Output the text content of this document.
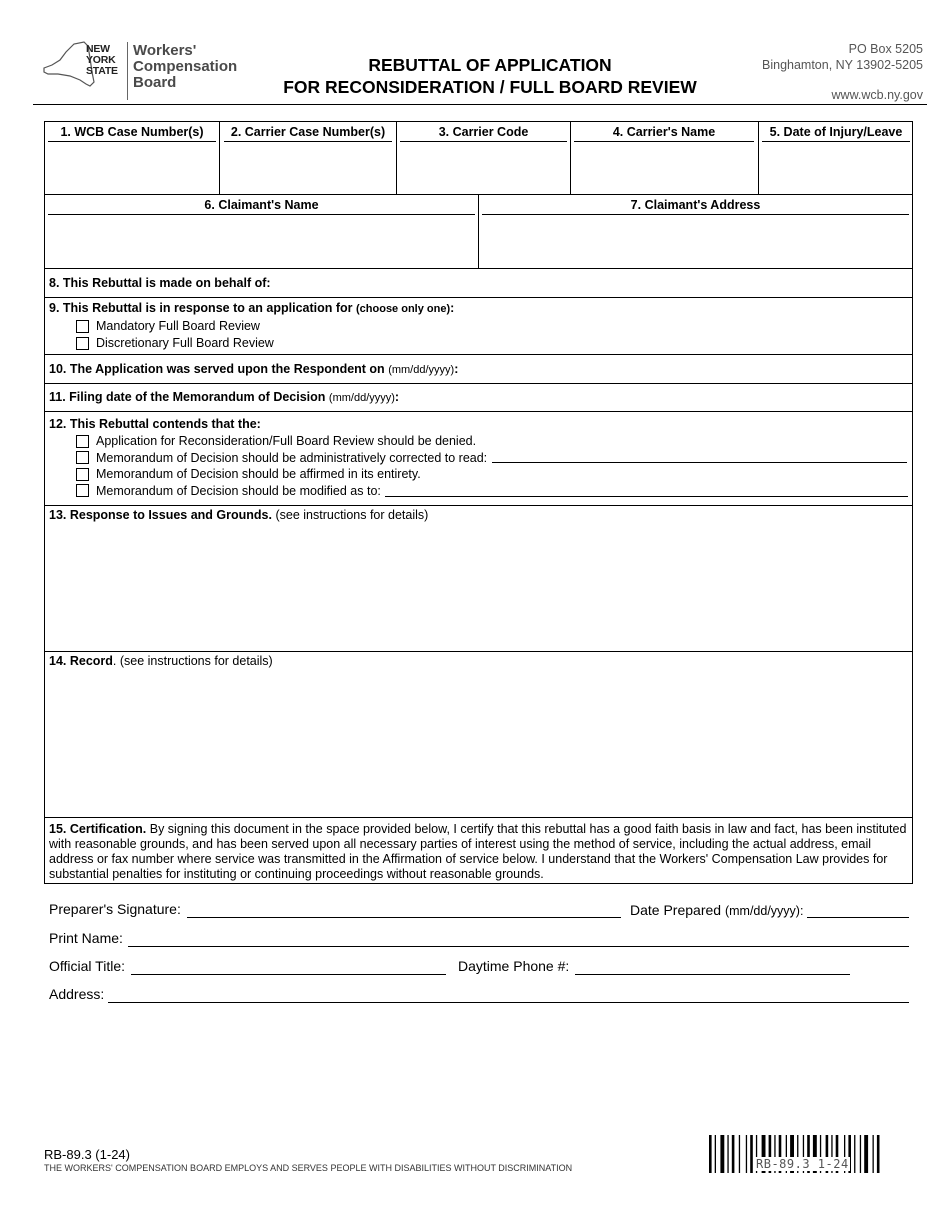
NEW
YORK
STATE
Workers'
Compensation
Board
REBUTTAL OF APPLICATION
FOR RECONSIDERATION / FULL BOARD REVIEW
PO Box 5205
Binghamton, NY 13902-5205
www.wcb.ny.gov
1. WCB Case Number(s)	2. Carrier Case Number(s)	3. Carrier Code	4. Carrier's Name	5. Date of Injury/Leave
6. Claimant's Name	7. Claimant's Address
8. This Rebuttal is made on behalf of:
9. This Rebuttal is in response to an application for (choose only one):
Mandatory Full Board Review
Discretionary Full Board Review
10. The Application was served upon the Respondent on (mm/dd/yyyy):
11. Filing date of the Memorandum of Decision (mm/dd/yyyy):
12. This Rebuttal contends that the:
Application for Reconsideration/Full Board Review should be denied.
Memorandum of Decision should be administratively corrected to read:
Memorandum of Decision should be affirmed in its entirety.
Memorandum of Decision should be modified as to:
13. Response to Issues and Grounds. (see instructions for details)
14. Record. (see instructions for details)
15. Certification. By signing this document in the space provided below, I certify that this rebuttal has a good faith basis in law and fact, has been instituted with reasonable grounds, and has been served upon all necessary parties of interest using the method of service, including the actual address, email address or fax number where service was transmitted in the Affirmation of service below. I understand that the Workers' Compensation Law provides for substantial penalties for instituting or continuing proceedings without reasonable grounds.
Preparer's Signature:	Date Prepared (mm/dd/yyyy):
Print Name:
Official Title:	Daytime Phone #:
Address:
RB-89.3 (1-24)
THE WORKERS' COMPENSATION BOARD EMPLOYS AND SERVES PEOPLE WITH DISABILITIES WITHOUT DISCRIMINATION	RB-89.3 1-24
